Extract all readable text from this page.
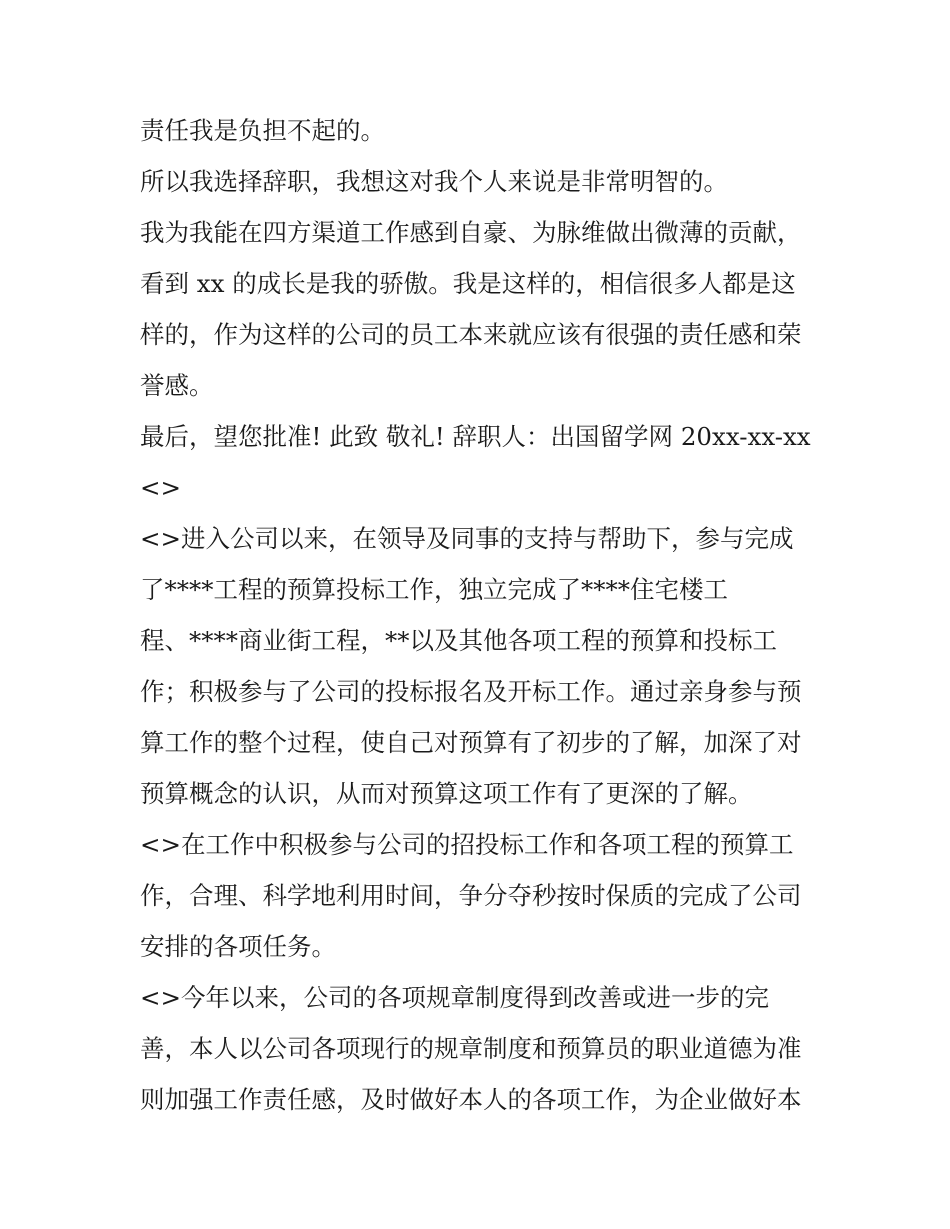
责任我是负担不起的。
所以我选择辞职，我想这对我个人来说是非常明智的。
我为我能在四方渠道工作感到自豪、为脉维做出微薄的贡献，
看到 xx 的成长是我的骄傲。我是这样的，相信很多人都是这
样的，作为这样的公司的员工本来就应该有很强的责任感和荣
誉感。
最后，望您批准! 此致 敬礼! 辞职人：出国留学网 20xx-xx-xx
<>
<>进入公司以来，在领导及同事的支持与帮助下，参与完成
了****工程的预算投标工作，独立完成了****住宅楼工
程、****商业街工程，**以及其他各项工程的预算和投标工
作；积极参与了公司的投标报名及开标工作。通过亲身参与预
算工作的整个过程，使自己对预算有了初步的了解，加深了对
预算概念的认识，从而对预算这项工作有了更深的了解。
<>在工作中积极参与公司的招投标工作和各项工程的预算工
作，合理、科学地利用时间，争分夺秒按时保质的完成了公司
安排的各项任务。
<>今年以来，公司的各项规章制度得到改善或进一步的完
善，本人以公司各项现行的规章制度和预算员的职业道德为准
则加强工作责任感，及时做好本人的各项工作，为企业做好本
